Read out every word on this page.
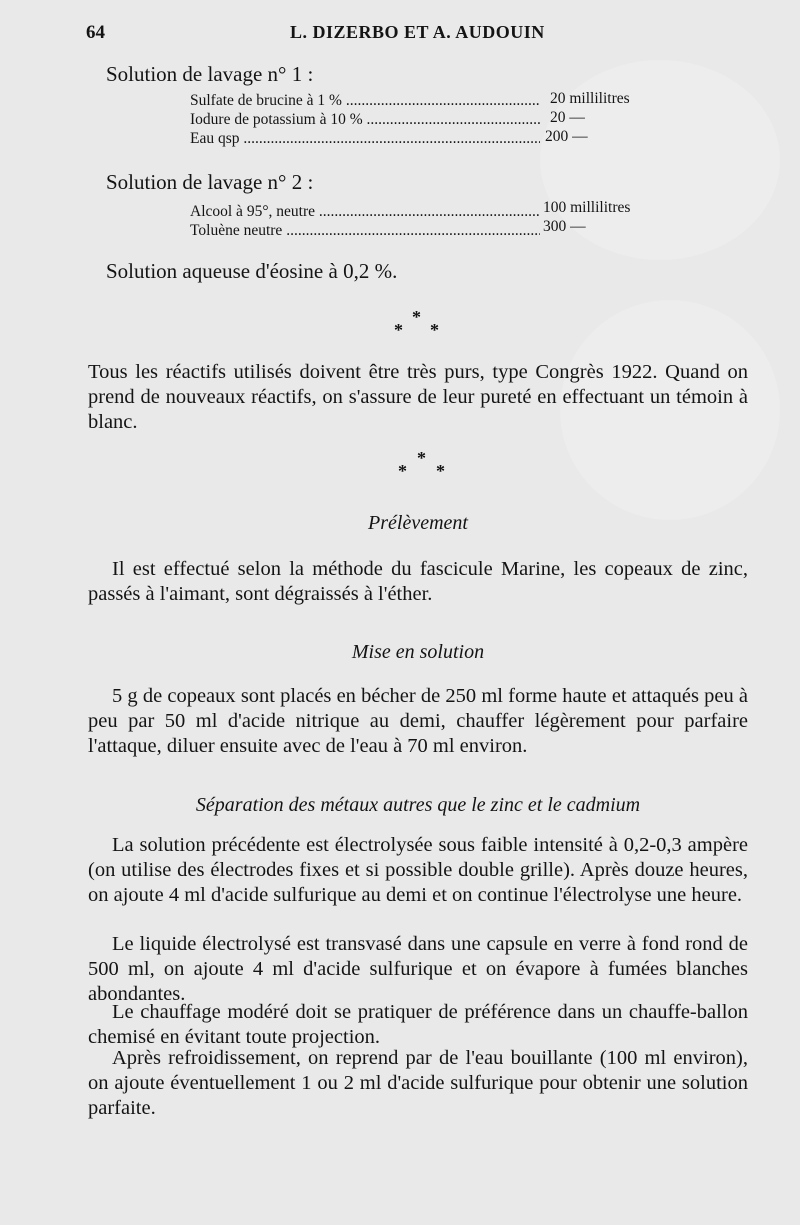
64	L. DIZERBO ET A. AUDOUIN
Solution de lavage n° 1 :
Sulfate de brucine à 1 % .....	20 millilitres
Iodure de potassium à 10 % .....	20 —
Eau qsp .....	200 —
Solution de lavage n° 2 :
Alcool à 95°, neutre .....	100 millilitres
Toluène neutre .....	300 —
Solution aqueuse d'éosine à 0,2 %.
*
* *
Tous les réactifs utilisés doivent être très purs, type Congrès 1922. Quand on prend de nouveaux réactifs, on s'assure de leur pureté en effectuant un témoin à blanc.
*
* *
Prélèvement
Il est effectué selon la méthode du fascicule Marine, les copeaux de zinc, passés à l'aimant, sont dégraissés à l'éther.
Mise en solution
5 g de copeaux sont placés en bécher de 250 ml forme haute et attaqués peu à peu par 50 ml d'acide nitrique au demi, chauffer légèrement pour parfaire l'attaque, diluer ensuite avec de l'eau à 70 ml environ.
Séparation des métaux autres que le zinc et le cadmium
La solution précédente est électrolysée sous faible intensité à 0,2-0,3 ampère (on utilise des électrodes fixes et si possible double grille). Après douze heures, on ajoute 4 ml d'acide sulfurique au demi et on continue l'électrolyse une heure.
Le liquide électrolysé est transvasé dans une capsule en verre à fond rond de 500 ml, on ajoute 4 ml d'acide sulfurique et on évapore à fumées blanches abondantes.
Le chauffage modéré doit se pratiquer de préférence dans un chauffe-ballon chemisé en évitant toute projection.
Après refroidissement, on reprend par de l'eau bouillante (100 ml environ), on ajoute éventuellement 1 ou 2 ml d'acide sulfurique pour obtenir une solution parfaite.
